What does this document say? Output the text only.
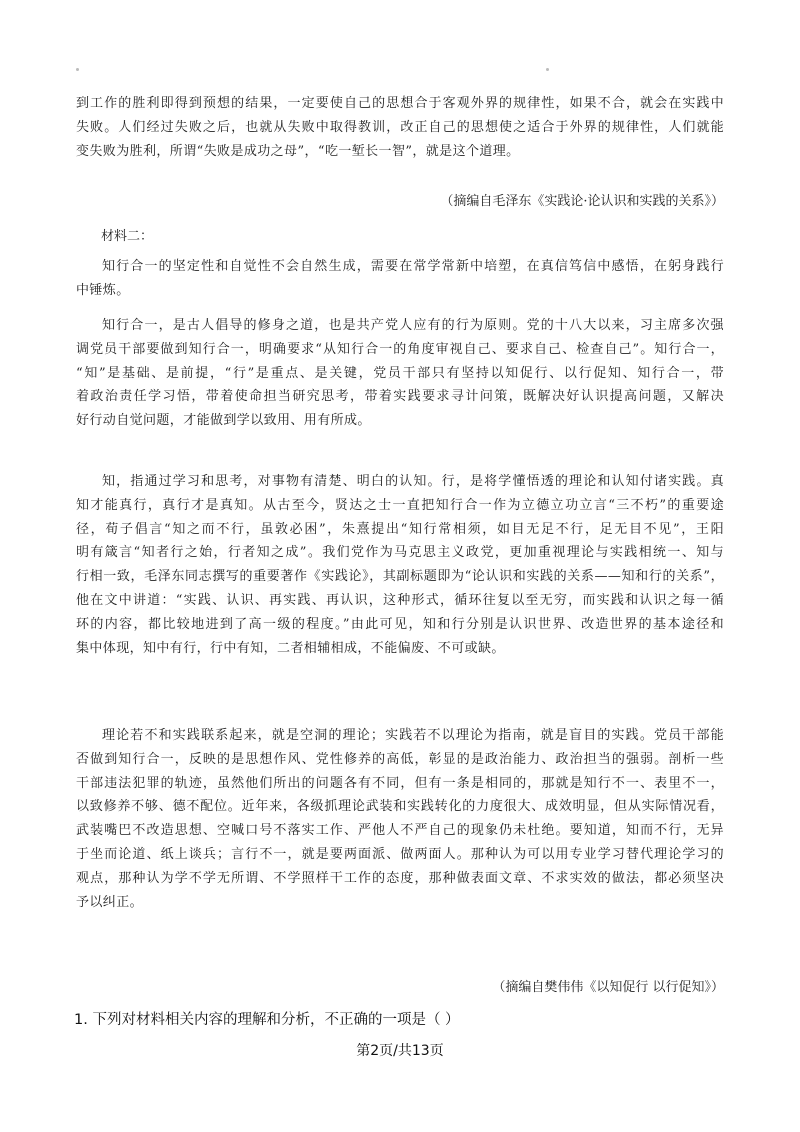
到工作的胜利即得到预想的结果，一定要使自己的思想合于客观外界的规律性，如果不合，就会在实践中
失败。人们经过失败之后，也就从失败中取得教训，改正自己的思想使之适合于外界的规律性，人们就能
变失败为胜利，所谓“失败是成功之母”，“吃一堑长一智”，就是这个道理。
（摘编自毛泽东《实践论·论认识和实践的关系》）
材料二：
知行合一的坚定性和自觉性不会自然生成，需要在常学常新中培塑，在真信笃信中感悟，在躬身践行
中锤炼。
知行合一，是古人倡导的修身之道，也是共产党人应有的行为原则。党的十八大以来，习主席多次强
调党员干部要做到知行合一，明确要求“从知行合一的角度审视自己、要求自己、检查自己”。知行合一，
“知”是基础、是前提，“行”是重点、是关键，党员干部只有坚持以知促行、以行促知、知行合一，带
着政治责任学习悟，带着使命担当研究思考，带着实践要求寻计问策，既解决好认识提高问题，又解决
好行动自觉问题，才能做到学以致用、用有所成。
知，指通过学习和思考，对事物有清楚、明白的认知。行，是将学懂悟透的理论和认知付诸实践。真
知才能真行，真行才是真知。从古至今，贤达之士一直把知行合一作为立德立功立言“三不朽”的重要途
径，荀子倡言“知之而不行，虽敦必困”，朱熹提出“知行常相须，如目无足不行，足无目不见”，王阳
明有箴言“知者行之始，行者知之成”。我们党作为马克思主义政党，更加重视理论与实践相统一、知与
行相一致，毛泽东同志撰写的重要著作《实践论》，其副标题即为“论认识和实践的关系——知和行的关系”，
他在文中讲道：“实践、认识、再实践、再认识，这种形式，循环往复以至无穷，而实践和认识之每一循
环的内容，都比较地进到了高一级的程度。”由此可见，知和行分别是认识世界、改造世界的基本途径和
集中体现，知中有行，行中有知，二者相辅相成，不能偏废、不可或缺。
理论若不和实践联系起来，就是空洞的理论；实践若不以理论为指南，就是盲目的实践。党员干部能
否做到知行合一，反映的是思想作风、党性修养的高低，彰显的是政治能力、政治担当的强弱。剖析一些
干部违法犯罪的轨迹，虽然他们所出的问题各有不同，但有一条是相同的，那就是知行不一、表里不一，
以致修养不够、德不配位。近年来，各级抓理论武装和实践转化的力度很大、成效明显，但从实际情况看，
武装嘴巴不改造思想、空喊口号不落实工作、严他人不严自己的现象仍未杜绝。要知道，知而不行，无异
于坐而论道、纸上谈兵；言行不一，就是要两面派、做两面人。那种认为可以用专业学习替代理论学习的
观点，那种认为学不学无所谓、不学照样干工作的态度，那种做表面文章、不求实效的做法，都必须坚决
予以纠正。
（摘编自樊伟伟《以知促行 以行促知》）
1. 下列对材料相关内容的理解和分析，不正确的一项是（ ）
第2页/共13页
